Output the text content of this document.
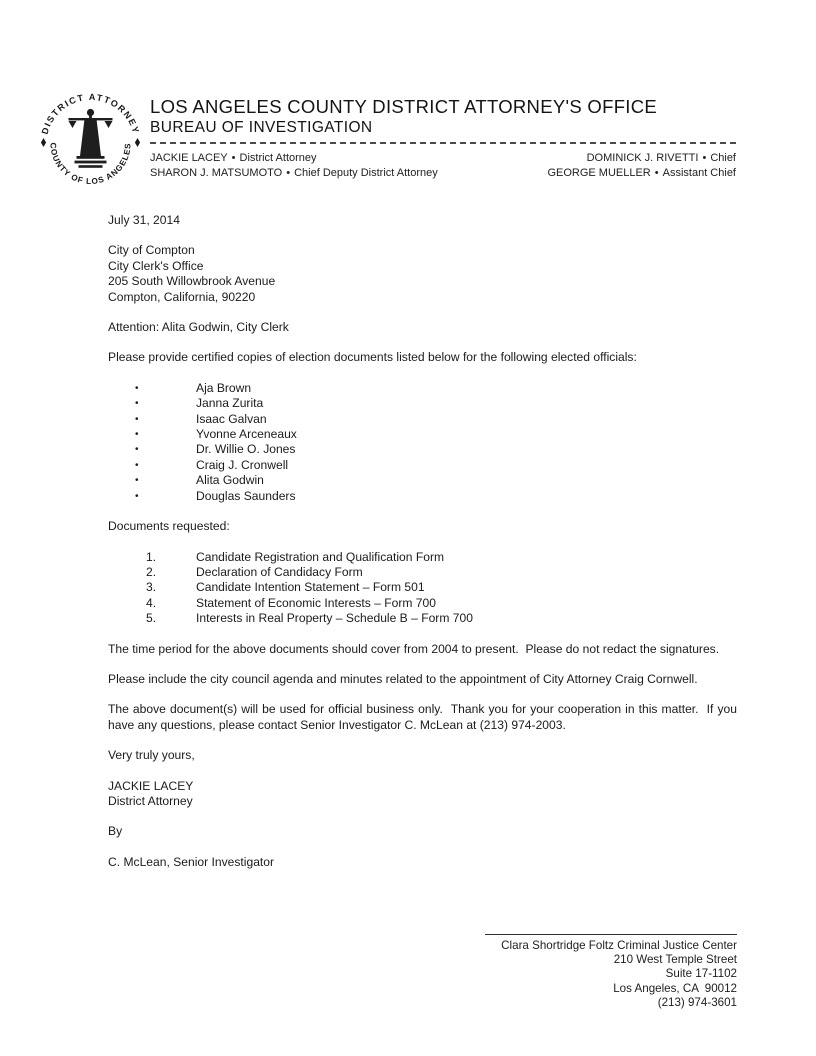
DISTRICT ATTORNEY
COUNTY OF LOS ANGELES
LOS ANGELES COUNTY DISTRICT ATTORNEY'S OFFICE
BUREAU OF INVESTIGATION
JACKIE LACEY • District Attorney	DOMINICK J. RIVETTI • Chief
SHARON J. MATSUMOTO • Chief Deputy District Attorney	GEORGE MUELLER • Assistant Chief

July 31, 2014

City of Compton

City Clerk's Office

205 South Willowbrook Avenue

Compton, California, 90220

Attention: Alita Godwin, City Clerk

Please provide certified copies of election documents listed below for the following elected officials:

•	Aja Brown
•	Janna Zurita
•	Isaac Galvan
•	Yvonne Arceneaux
•	Dr. Willie O. Jones
•	Craig J. Cronwell
•	Alita Godwin
•	Douglas Saunders

Documents requested:

1.	Candidate Registration and Qualification Form
2.	Declaration of Candidacy Form
3.	Candidate Intention Statement – Form 501
4.	Statement of Economic Interests – Form 700
5.	Interests in Real Property – Schedule B – Form 700

The time period for the above documents should cover from 2004 to present.  Please do not redact the signatures.

Please include the city council agenda and minutes related to the appointment of City Attorney Craig Cornwell.

The above document(s) will be used for official business only.  Thank you for your cooperation in this matter.  If you have any questions, please contact Senior Investigator C. McLean at (213) 974-2003.

Very truly yours,

JACKIE LACEY

District Attorney

By

C. McLean, Senior Investigator

Clara Shortridge Foltz Criminal Justice Center

210 West Temple Street

Suite 17-1102

Los Angeles, CA  90012

(213) 974-3601
